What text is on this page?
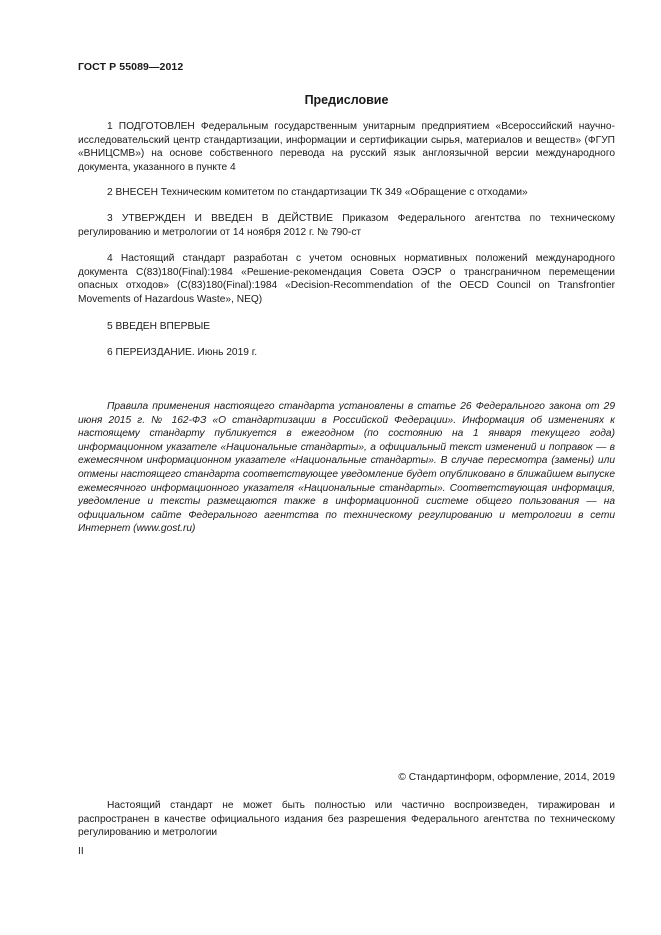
ГОСТ Р 55089—2012
Предисловие
1 ПОДГОТОВЛЕН Федеральным государственным унитарным предприятием «Всероссийский научно-исследовательский центр стандартизации, информации и сертификации сырья, материалов и веществ» (ФГУП «ВНИЦСМВ») на основе собственного перевода на русский язык англоязычной версии международного документа, указанного в пункте 4
2 ВНЕСЕН Техническим комитетом по стандартизации ТК 349 «Обращение с отходами»
3 УТВЕРЖДЕН И ВВЕДЕН В ДЕЙСТВИЕ Приказом Федерального агентства по техническому регулированию и метрологии от 14 ноября 2012 г. № 790-ст
4 Настоящий стандарт разработан с учетом основных нормативных положений международного документа С(83)180(Final):1984 «Решение-рекомендация Совета ОЭСР о трансграничном перемещении опасных отходов» (C(83)180(Final):1984 «Decision-Recommendation of the OECD Council on Transfrontier Movements of Hazardous Waste», NEQ)
5 ВВЕДЕН ВПЕРВЫЕ
6 ПЕРЕИЗДАНИЕ. Июнь 2019 г.
Правила применения настоящего стандарта установлены в статье 26 Федерального закона от 29 июня 2015 г. № 162-ФЗ «О стандартизации в Российской Федерации». Информация об изменениях к настоящему стандарту публикуется в ежегодном (по состоянию на 1 января текущего года) информационном указателе «Национальные стандарты», а официальный текст изменений и поправок — в ежемесячном информационном указателе «Национальные стандарты». В случае пересмотра (замены) или отмены настоящего стандарта соответствующее уведомление будет опубликовано в ближайшем выпуске ежемесячного информационного указателя «Национальные стандарты». Соответствующая информация, уведомление и тексты размещаются также в информационной системе общего пользования — на официальном сайте Федерального агентства по техническому регулированию и метрологии в сети Интернет (www.gost.ru)
© Стандартинформ, оформление, 2014, 2019
Настоящий стандарт не может быть полностью или частично воспроизведен, тиражирован и распространен в качестве официального издания без разрешения Федерального агентства по техническому регулированию и метрологии
II
